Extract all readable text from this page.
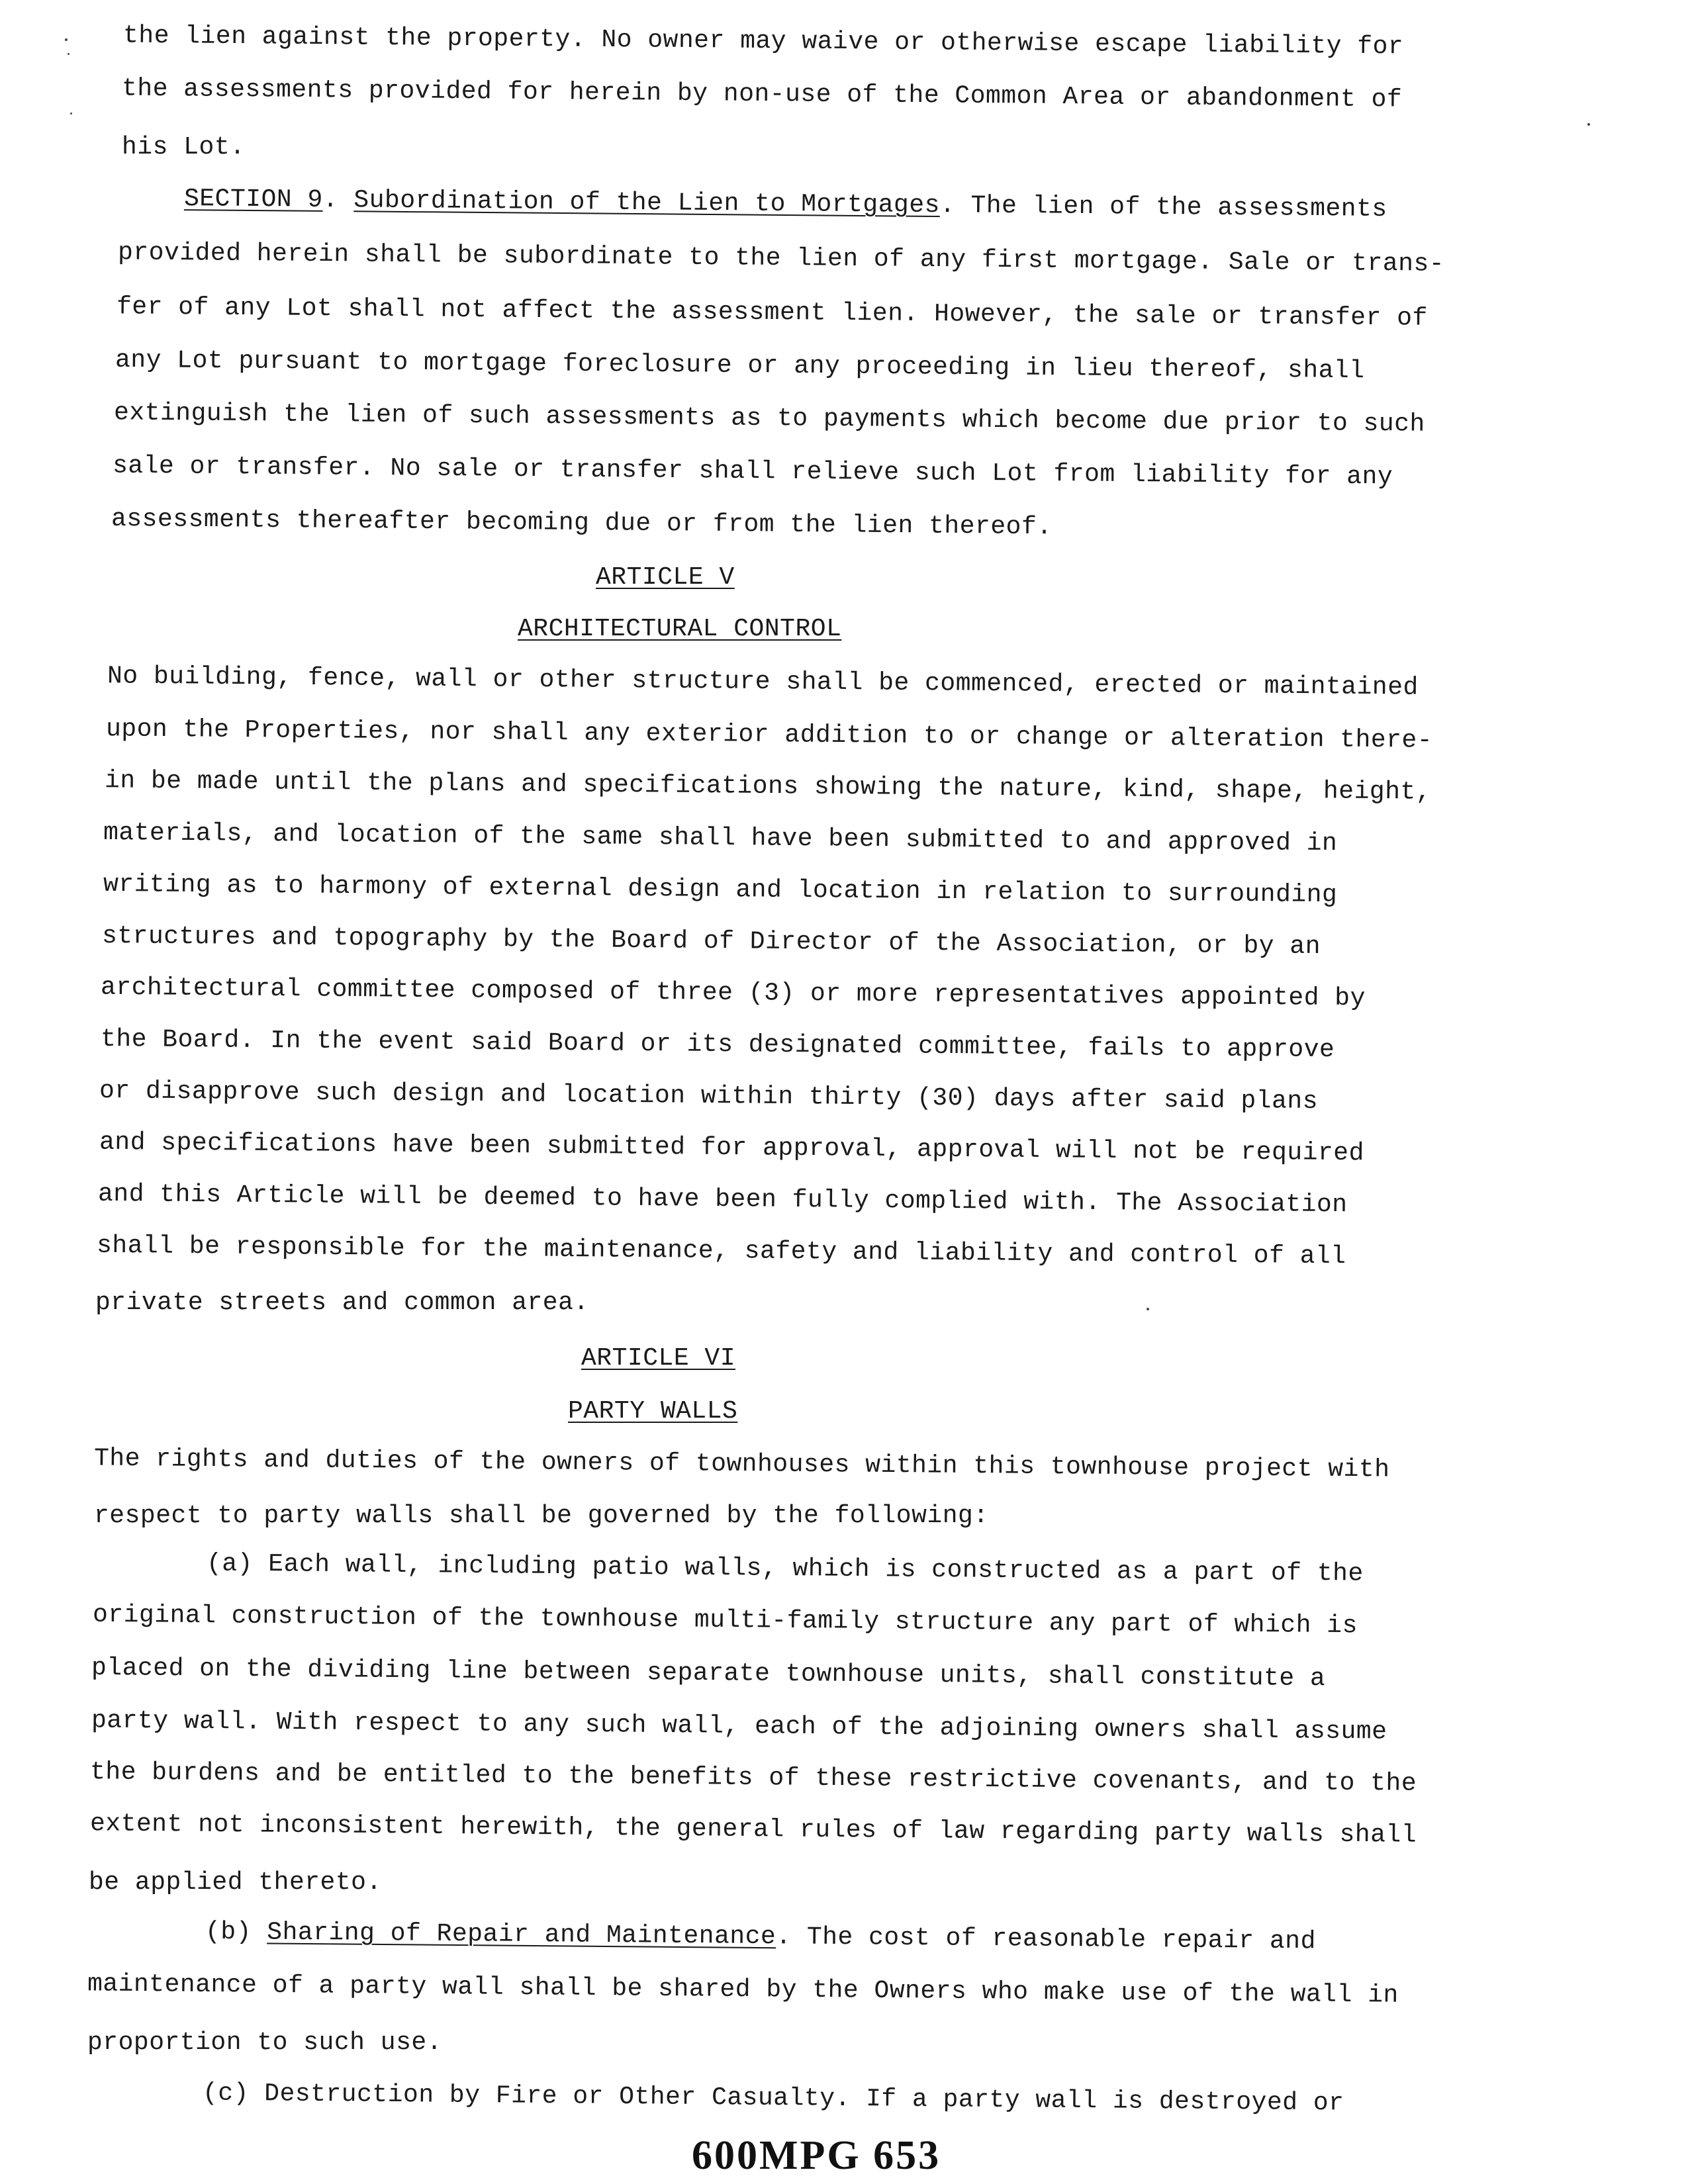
the lien against the property. No owner may waive or otherwise escape liability for
the assessments provided for herein by non-use of the Common Area or abandonment of
his Lot.
SECTION 9. Subordination of the Lien to Mortgages. The lien of the assessments
provided herein shall be subordinate to the lien of any first mortgage. Sale or trans-
fer of any Lot shall not affect the assessment lien. However, the sale or transfer of
any Lot pursuant to mortgage foreclosure or any proceeding in lieu thereof, shall
extinguish the lien of such assessments as to payments which become due prior to such
sale or transfer. No sale or transfer shall relieve such Lot from liability for any
assessments thereafter becoming due or from the lien thereof.
ARTICLE V
ARCHITECTURAL CONTROL
No building, fence, wall or other structure shall be commenced, erected or maintained
upon the Properties, nor shall any exterior addition to or change or alteration there-
in be made until the plans and specifications showing the nature, kind, shape, height,
materials, and location of the same shall have been submitted to and approved in
writing as to harmony of external design and location in relation to surrounding
structures and topography by the Board of Director of the Association, or by an
architectural committee composed of three (3) or more representatives appointed by
the Board. In the event said Board or its designated committee, fails to approve
or disapprove such design and location within thirty (30) days after said plans
and specifications have been submitted for approval, approval will not be required
and this Article will be deemed to have been fully complied with. The Association
shall be responsible for the maintenance, safety and liability and control of all
private streets and common area.
ARTICLE VI
PARTY WALLS
The rights and duties of the owners of townhouses within this townhouse project with
respect to party walls shall be governed by the following:
(a) Each wall, including patio walls, which is constructed as a part of the
original construction of the townhouse multi-family structure any part of which is
placed on the dividing line between separate townhouse units, shall constitute a
party wall. With respect to any such wall, each of the adjoining owners shall assume
the burdens and be entitled to the benefits of these restrictive covenants, and to the
extent not inconsistent herewith, the general rules of law regarding party walls shall
be applied thereto.
(b) Sharing of Repair and Maintenance. The cost of reasonable repair and
maintenance of a party wall shall be shared by the Owners who make use of the wall in
proportion to such use.
(c) Destruction by Fire or Other Casualty. If a party wall is destroyed or
600MPG 653
